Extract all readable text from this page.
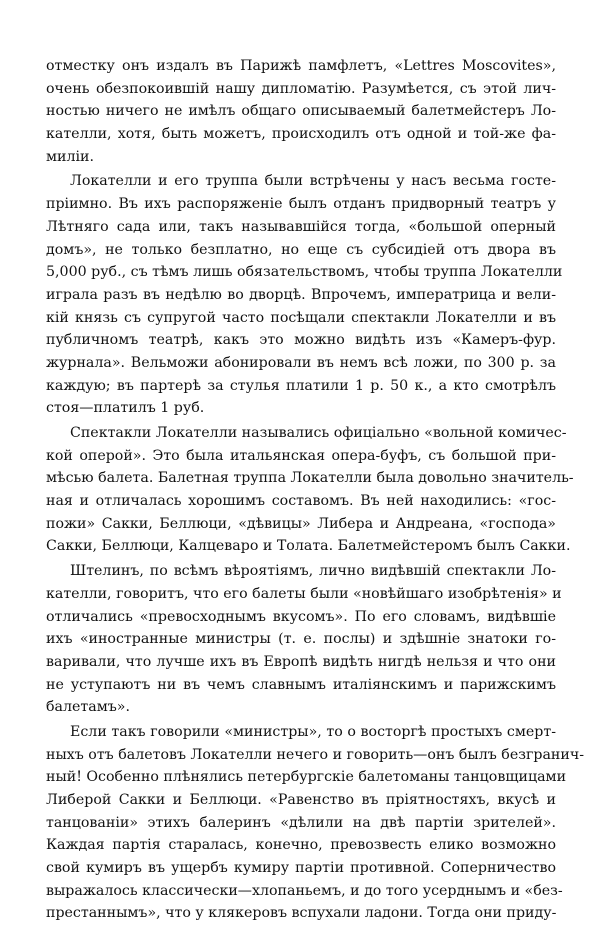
отместку онъ издалъ въ Парижѣ памфлетъ, «Lettres Moscovites»,
очень обезпокоившій нашу дипломатію. Разумѣется, съ этой лич-
ностью ничего не имѣлъ общаго описываемый балетмейстеръ Ло-
кателли, хотя, быть можетъ, происходилъ отъ одной и той-же фа-
миліи.
Локателли и его труппа были встрѣчены у насъ весьма гостe-
пріимно. Въ ихъ распоряженіе былъ отданъ придворный театръ у
Лѣтняго сада или, такъ называвшійся тогда, «большой оперный
домъ», не только безплатно, но еще съ субсидіей отъ двора въ
5,000 руб., съ тѣмъ лишь обязательствомъ, чтобы труппа Локателли
играла разъ въ недѣлю во дворцѣ. Впрочемъ, императрица и вели-
кій князь съ супругой часто посѣщали спектакли Локателли и въ
публичномъ театрѣ, какъ это можно видѣть изъ «Камеръ-фур.
журнала». Вельможи абонировали въ немъ всѣ ложи, по 300 р. за
каждую; въ партерѣ за стулья платили 1 р. 50 к., а кто смотрѣлъ
стоя—платилъ 1 руб.
Спектакли Локателли назывались офиціально «вольной комичес-
кой оперой». Это была итальянская опера-буфъ, съ большой при-
мѣсью балета. Балетная труппа Локателли была довольно значитель-
ная и отличалась хорошимъ составомъ. Въ ней находились: «гос-
пожи» Сакки, Беллюци, «дѣвицы» Либера и Андреана, «господа»
Сакки, Беллюци, Калцеваро и Толата. Балетмейстеромъ былъ Сакки.
Штелинъ, по всѣмъ вѣроятіямъ, лично видѣвшій спектакли Ло-
кателли, говоритъ, что его балеты были «новѣйшаго изобрѣтенія» и
отличались «превосходнымъ вкусомъ». По его словамъ, видѣвшіе
ихъ «иностранные министры (т. е. послы) и здѣшніе знатоки го-
варивали, что лучше ихъ въ Европѣ видѣть нигдѣ нельзя и что они
не уступаютъ ни въ чемъ славнымъ италіянскимъ и парижскимъ
балетамъ».
Если такъ говорили «министры», то о восторгѣ простыхъ смерт-
ныхъ отъ балетовъ Локателли нечего и говорить—онъ былъ безгранич-
ный! Особенно плѣнялись петербургскіе балетоманы танцовщицами
Либерой Сакки и Беллюци. «Равенство въ пріятностяхъ, вкусѣ и
танцованіи» этихъ балеринъ «дѣлили на двѣ партіи зрителей».
Каждая партія старалась, конечно, превозвесть елико возможно
свой кумиръ въ ущербъ кумиру партіи противной. Соперничество
выражалось классически—хлопаньемъ, и до того усерднымъ и «без-
престаннымъ», что у клякеровъ вспухали ладони. Тогда они приду-
